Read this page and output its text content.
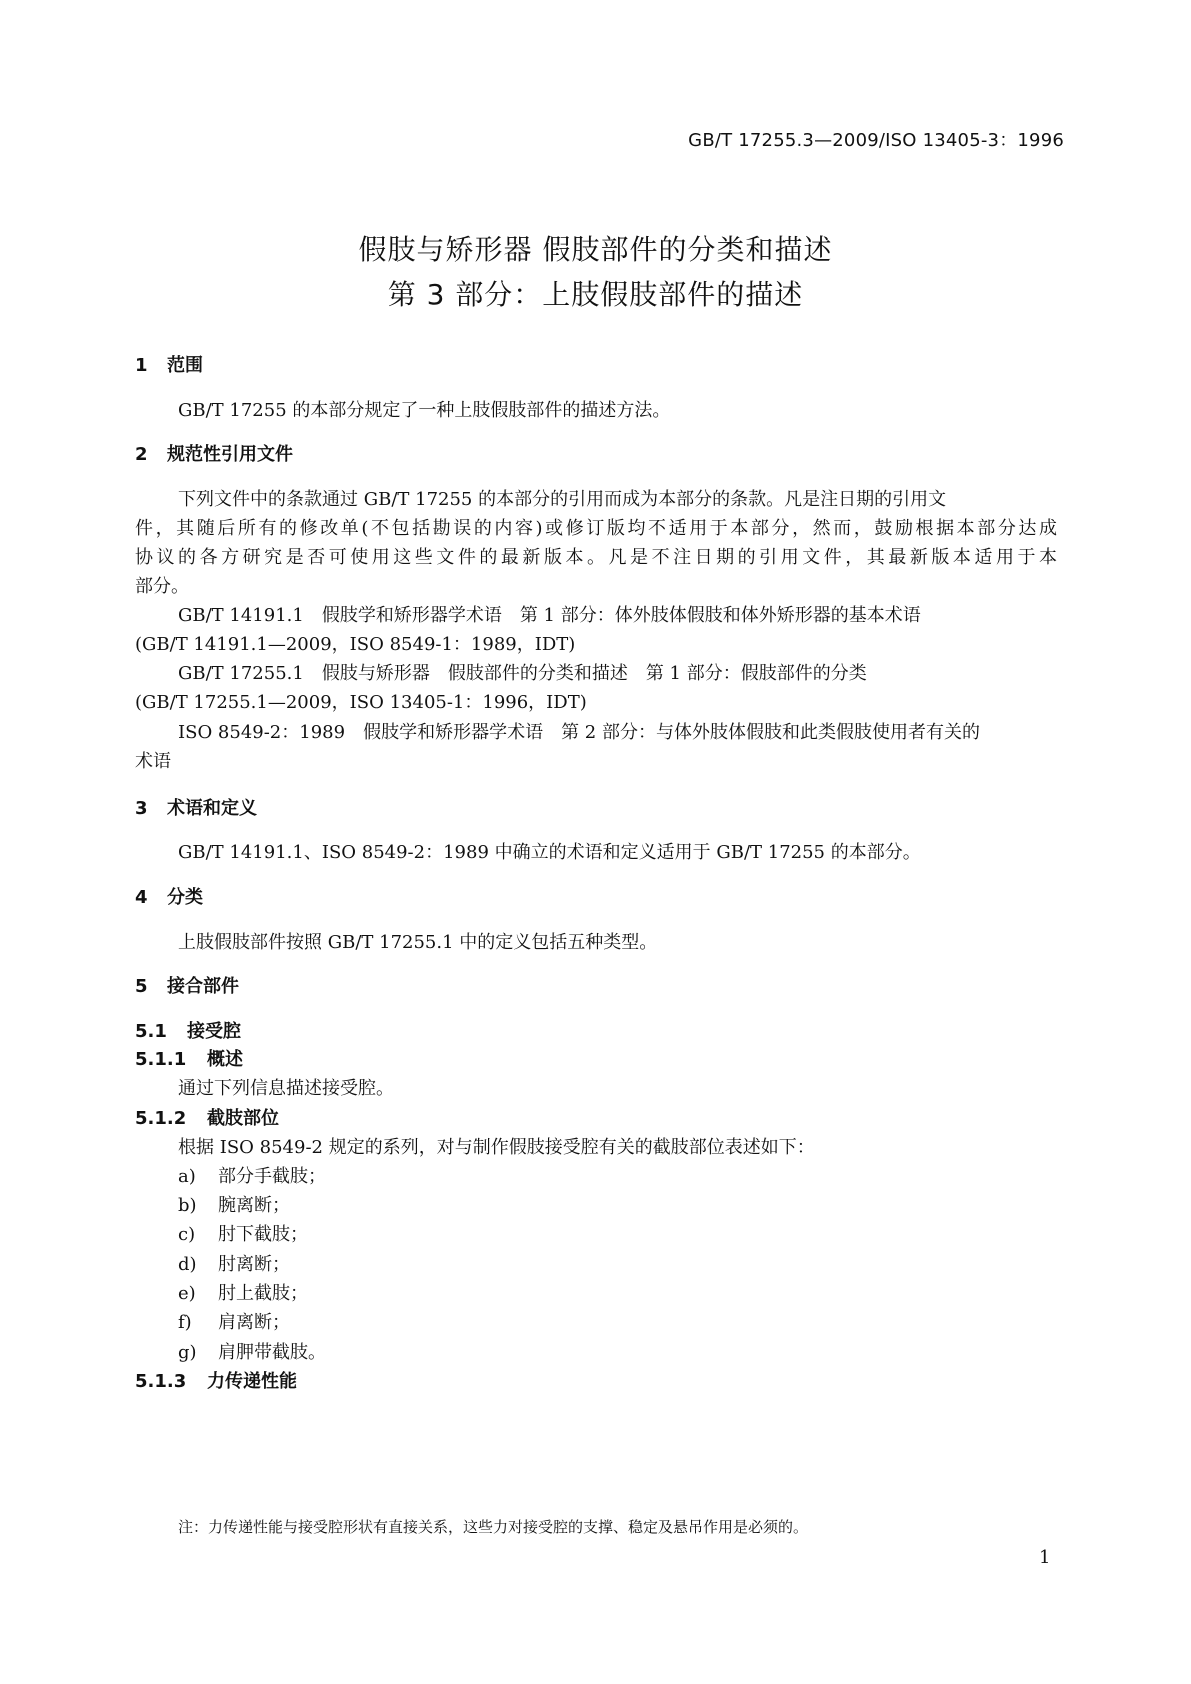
GB/T 17255.3—2009/ISO 13405-3：1996
假肢与矫形器 假肢部件的分类和描述
第 3 部分：上肢假肢部件的描述
1 范围
GB/T 17255 的本部分规定了一种上肢假肢部件的描述方法。
2 规范性引用文件
下列文件中的条款通过 GB/T 17255 的本部分的引用而成为本部分的条款。凡是注日期的引用文
件，其随后所有的修改单(不包括勘误的内容)或修订版均不适用于本部分，然而，鼓励根据本部分达成
协议的各方研究是否可使用这些文件的最新版本。凡是不注日期的引用文件，其最新版本适用于本
部分。
GB/T 14191.1　假肢学和矫形器学术语　第 1 部分：体外肢体假肢和体外矫形器的基本术语
(GB/T 14191.1—2009，ISO 8549-1：1989，IDT)
GB/T 17255.1　假肢与矫形器　假肢部件的分类和描述　第 1 部分：假肢部件的分类
(GB/T 17255.1—2009，ISO 13405-1：1996，IDT)
ISO 8549-2：1989　假肢学和矫形器学术语　第 2 部分：与体外肢体假肢和此类假肢使用者有关的
术语
3 术语和定义
GB/T 14191.1、ISO 8549-2：1989 中确立的术语和定义适用于 GB/T 17255 的本部分。
4 分类
上肢假肢部件按照 GB/T 17255.1 中的定义包括五种类型。
5 接合部件
5.1 接受腔
5.1.1 概述
通过下列信息描述接受腔。
5.1.2 截肢部位
根据 ISO 8549-2 规定的系列，对与制作假肢接受腔有关的截肢部位表述如下：
a) 部分手截肢；
b) 腕离断；
c) 肘下截肢；
d) 肘离断；
e) 肘上截肢；
f) 肩离断；
g) 肩胛带截肢。
5.1.3 力传递性能
注：力传递性能与接受腔形状有直接关系，这些力对接受腔的支撑、稳定及悬吊作用是必须的。
1
